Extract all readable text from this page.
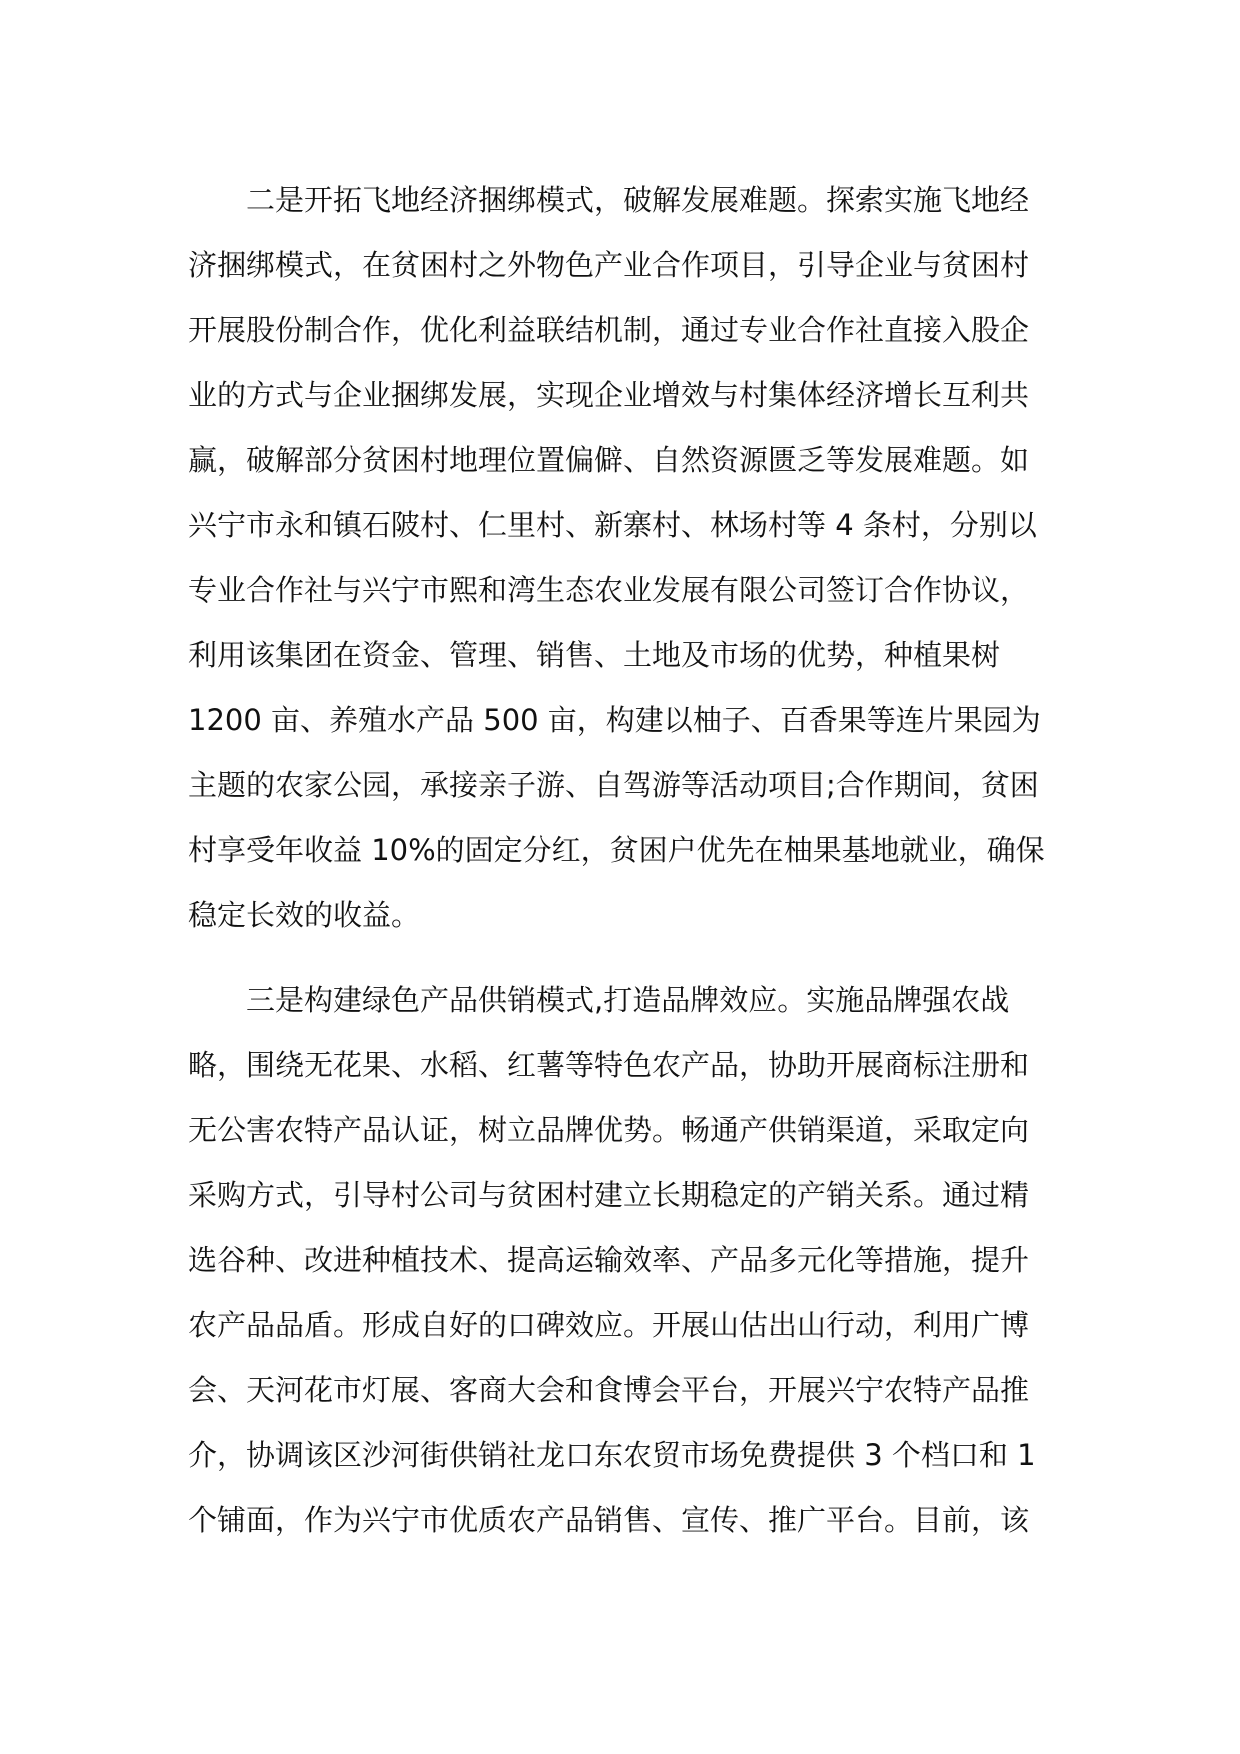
二是开拓飞地经济捆绑模式，破解发展难题。探索实施飞地经
济捆绑模式，在贫困村之外物色产业合作项目，引导企业与贫困村
开展股份制合作，优化利益联结机制，通过专业合作社直接入股企
业的方式与企业捆绑发展，实现企业增效与村集体经济增长互利共
赢，破解部分贫困村地理位置偏僻、自然资源匮乏等发展难题。如
兴宁市永和镇石陂村、仁里村、新寨村、林场村等 4 条村，分别以
专业合作社与兴宁市熙和湾生态农业发展有限公司签订合作协议，
利用该集团在资金、管理、销售、土地及市场的优势，种植果树
1200 亩、养殖水产品 500 亩，构建以柚子、百香果等连片果园为
主题的农家公园，承接亲子游、自驾游等活动项目;合作期间，贫困
村享受年收益 10%的固定分红，贫困户优先在柚果基地就业，确保
稳定长效的收益。
三是构建绿色产品供销模式,打造品牌效应。实施品牌强农战
略，围绕无花果、水稻、红薯等特色农产品，协助开展商标注册和
无公害农特产品认证，树立品牌优势。畅通产供销渠道，采取定向
采购方式，引导村公司与贫困村建立长期稳定的产销关系。通过精
选谷种、改进种植技术、提高运输效率、产品多元化等措施，提升
农产品品盾。形成自好的口碑效应。开展山估出山行动，利用广博
会、天河花市灯展、客商大会和食博会平台，开展兴宁农特产品推
介，协调该区沙河街供销社龙口东农贸市场免费提供 3 个档口和 1
个铺面，作为兴宁市优质农产品销售、宣传、推广平台。目前，该
